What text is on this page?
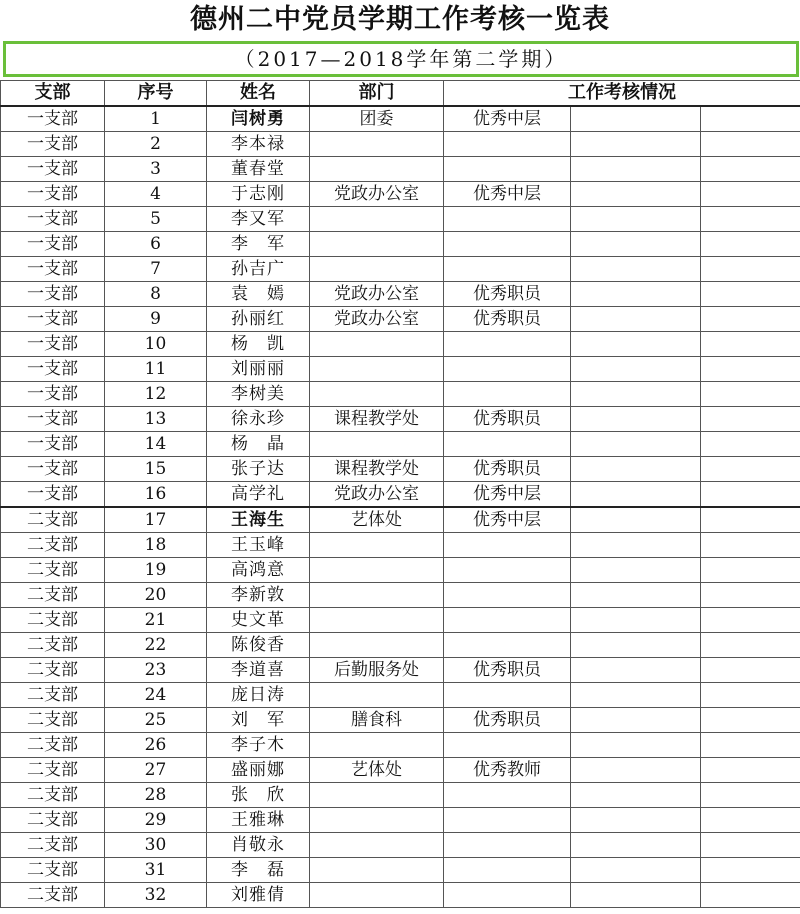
德州二中党员学期工作考核一览表
（2017—2018学年第二学期）
支部	序号	姓名	部门	工作考核情况		
一支部	1	闫树勇	团委	优秀中层		
一支部	2	李本禄				
一支部	3	董春堂				
一支部	4	于志刚	党政办公室	优秀中层		
一支部	5	李又军				
一支部	6	李　军				
一支部	7	孙吉广				
一支部	8	袁　嫣	党政办公室	优秀职员		
一支部	9	孙丽红	党政办公室	优秀职员		
一支部	10	杨　凯				
一支部	11	刘丽丽				
一支部	12	李树美				
一支部	13	徐永珍	课程教学处	优秀职员		
一支部	14	杨　晶				
一支部	15	张子达	课程教学处	优秀职员		
一支部	16	高学礼	党政办公室	优秀中层		
二支部	17	王海生	艺体处	优秀中层		
二支部	18	王玉峰				
二支部	19	高鸿意				
二支部	20	李新敦				
二支部	21	史文革				
二支部	22	陈俊香				
二支部	23	李道喜	后勤服务处	优秀职员		
二支部	24	庞日涛				
二支部	25	刘　军	膳食科	优秀职员		
二支部	26	李子木				
二支部	27	盛丽娜	艺体处	优秀教师		
二支部	28	张　欣				
二支部	29	王雅琳				
二支部	30	肖敬永				
二支部	31	李　磊				
二支部	32	刘雅倩				
